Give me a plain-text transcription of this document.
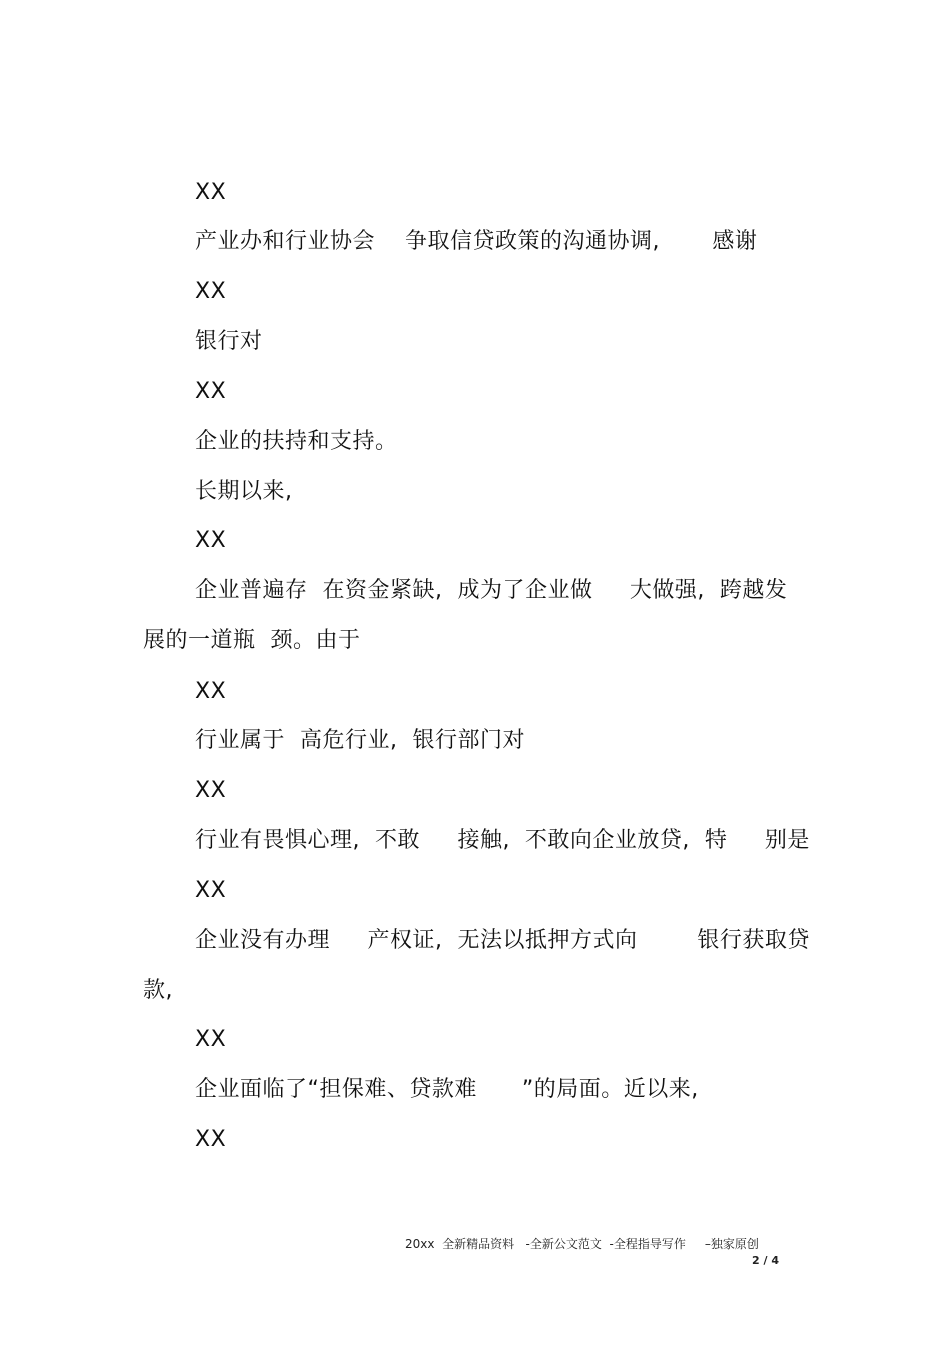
XX
产业办和行业协会    争取信贷政策的沟通协调,       感谢
XX
银行对
XX
企业的扶持和支持。
长期以来,
XX
企业普遍存  在资金紧缺,  成为了企业做     大做强,  跨越发
展的一道瓶  颈。由于
XX
行业属于  高危行业,  银行部门对
XX
行业有畏惧心理,  不敢     接触,  不敢向企业放贷,  特     别是
XX
企业没有办理     产权证,  无法以抵押方式向        银行获取贷
款,
XX
企业面临了“担保难、贷款难      ”的局面。近以来,
XX
20xx  全新精品资料   -全新公文范文  -全程指导写作     –独家原创
2 / 4
